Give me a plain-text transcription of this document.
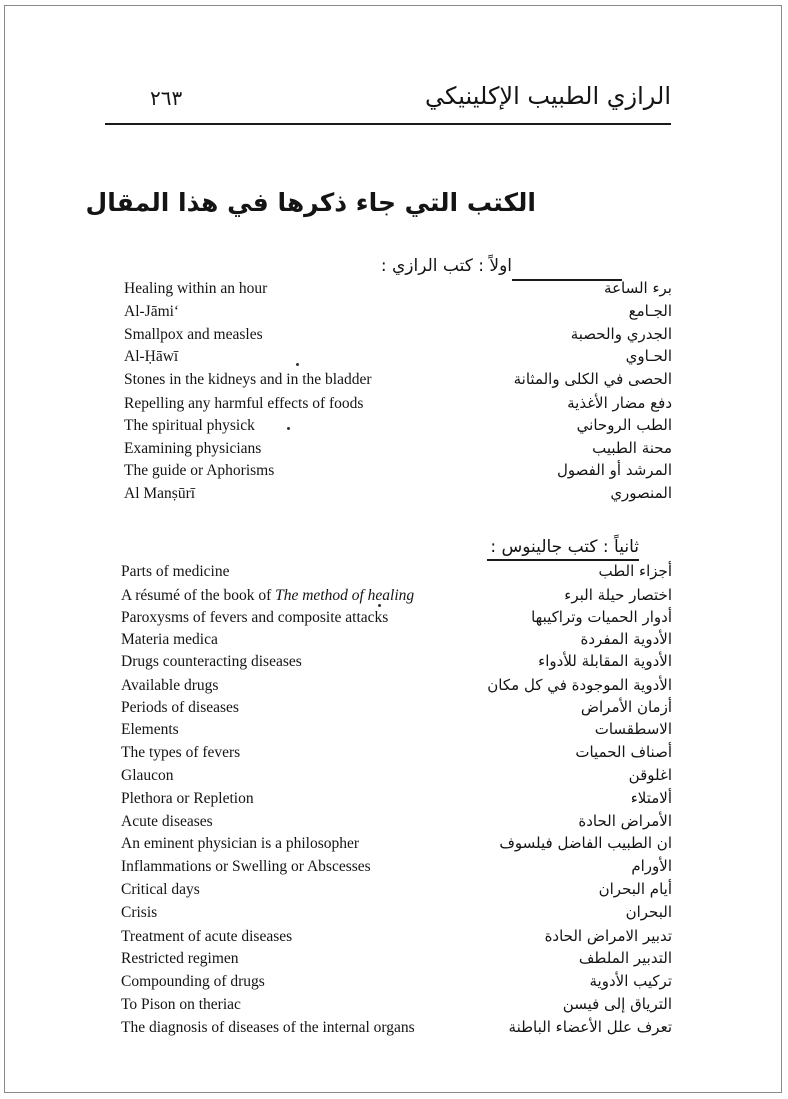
٢٦٣	الرازي الطبيب الإكلينيكي
الكتب التي جاء ذكرها في هذا المقال
اولاً : كتب الرازي :
ثانياً : كتب جالينوس :
Healing within an hour	برء الساعة
Al-Jāmi‘	الجـامع
Smallpox and measles	الجدري والحصبة
Al-Ḥāwī	الحـاوي
Stones in the kidneys and in the bladder	الحصى في الكلى والمثانة
Repelling any harmful effects of foods	دفع مضار الأغذية
The spiritual physick	الطب الروحاني
Examining physicians	محنة الطبيب
The guide or Aphorisms	المرشد أو الفصول
Al Manṣūrī	المنصوري
Parts of medicine	أجزاء الطب
A résumé of the book of The method of healing	اختصار حيلة البرء
Paroxysms of fevers and composite attacks	أدوار الحميات وتراكيبها
Materia medica	الأدوية المفردة
Drugs counteracting diseases	الأدوية المقابلة للأدواء
Available drugs	الأدوية الموجودة في كل مكان
Periods of diseases	أزمان الأمراض
Elements	الاسطقسات
The types of fevers	أصناف الحميات
Glaucon	اغلوقن
Plethora or Repletion	ألامتلاء
Acute diseases	الأمراض الحادة
An eminent physician is a philosopher	ان الطبيب الفاضل فيلسوف
Inflammations or Swelling or Abscesses	الأورام
Critical days	أيام البحران
Crisis	البحران
Treatment of acute diseases	تدبير الامراض الحادة
Restricted regimen	التدبير الملطف
Compounding of drugs	تركيب الأدوية
To Pison on theriac	الترياق إلى فيسن
The diagnosis of diseases of the internal organs	تعرف علل الأعضاء الباطنة
